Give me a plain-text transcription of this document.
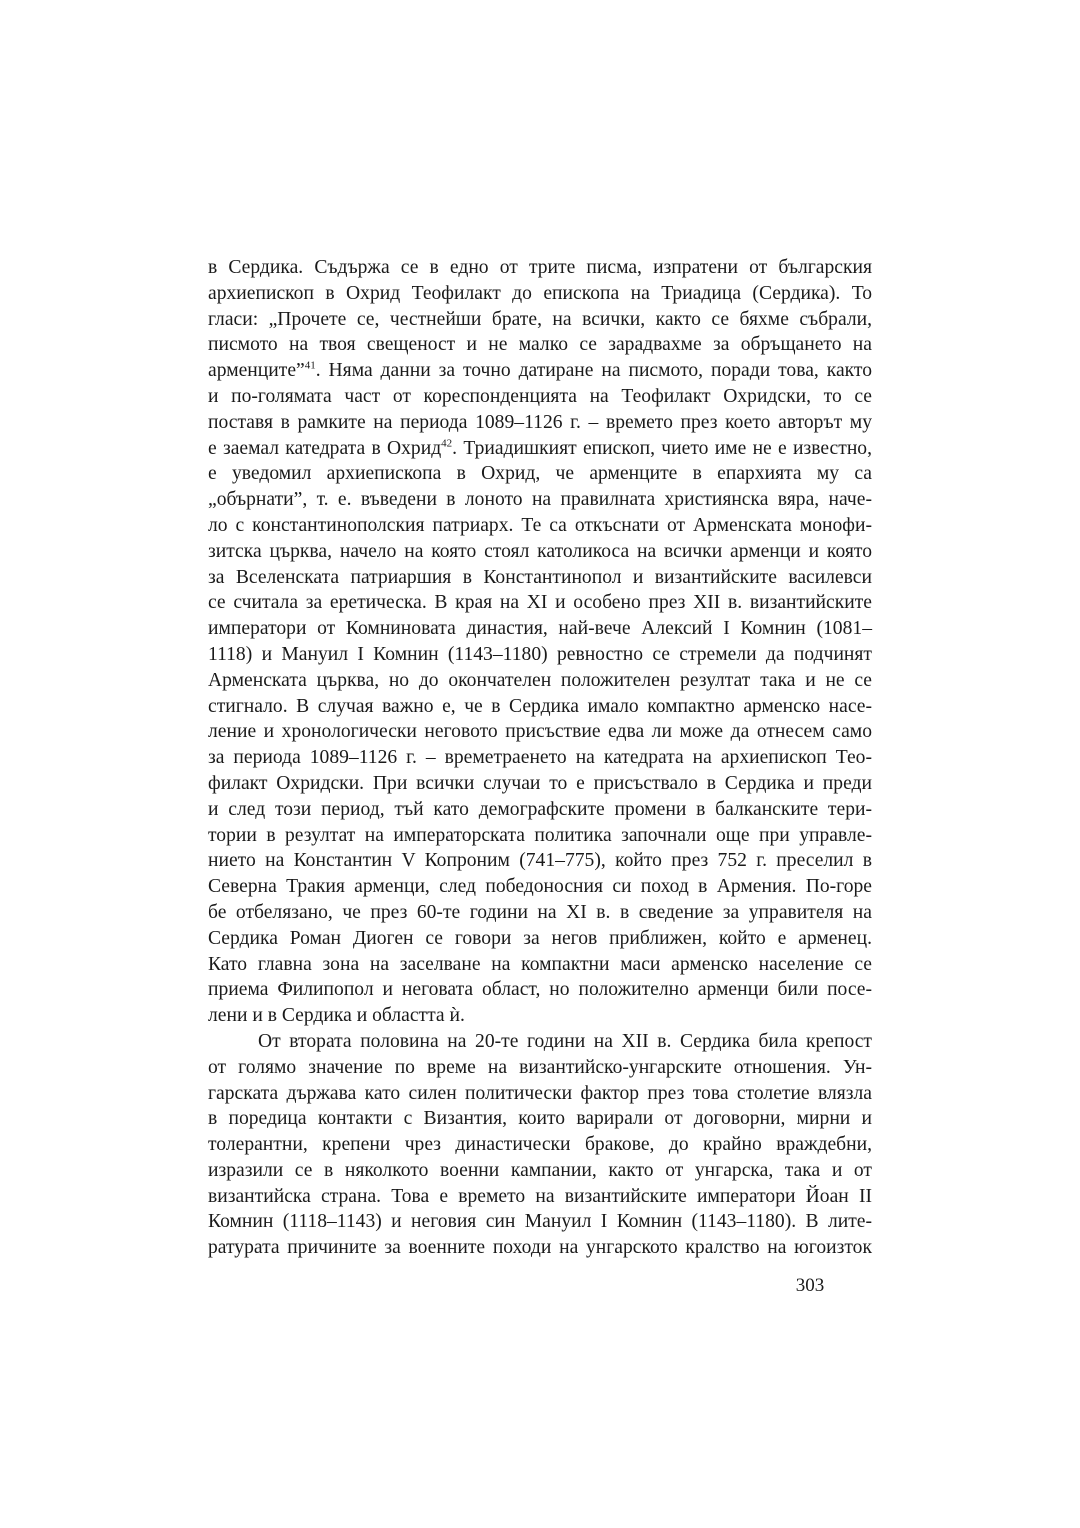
в Сердика. Съдържа се в едно от трите писма, изпратени от българския
архиепископ в Охрид Теофилакт до епископа на Триадица (Сердика). То
гласи: „Прочете се, честнейши брате, на всички, както се бяхме събрали,
писмото на твоя свещеност и не малко се зарадвахме за обръщането на
арменците”$^{41}$. Няма данни за точно датиране на писмото, поради това, както
и по-голямата част от кореспонденцията на Теофилакт Охридски, то се
поставя в рамките на периода 1089–1126 г. – времето през което авторът му
е заемал катедрата в Охрид$^{42}$. Триадишкият епископ, чието име не е известно,
е уведомил архиепископа в Охрид, че арменците в епархията му са
„обърнати”, т. е. въведени в лоното на правилната християнска вяра, наче-
ло с константинополския патриарх. Те са откъснати от Арменската монофи-
зитска църква, начело на която стоял католикоса на всички арменци и която
за Вселенската патриаршия в Константинопол и византийските василевси
се считала за еретическа. В края на XI и особено през XII в. византийските
императори от Комниновата династия, най-вече Алексий I Комнин (1081–
1118) и Мануил I Комнин (1143–1180) ревностно се стремели да подчинят
Арменската църква, но до окончателен положителен резултат така и не се
стигнало. В случая важно е, че в Сердика имало компактно арменско насе-
ление и хронологически неговото присъствие едва ли може да отнесем само
за периода 1089–1126 г. – времетраенето на катедрата на архиепископ Тео-
филакт Охридски. При всички случаи то е присъствало в Сердика и преди
и след този период, тъй като демографските промени в балканските тери-
тории в резултат на императорската политика започнали още при управле-
нието на Константин V Копроним (741–775), който през 752 г. преселил в
Северна Тракия арменци, след победоносния си поход в Армения. По-горе
бе отбелязано, че през 60-те години на XI в. в сведение за управителя на
Сердика Роман Диоген се говори за негов приближен, който е арменец.
Като главна зона на заселване на компактни маси арменско население се
приема Филипопол и неговата област, но положително арменци били посе-
лени и в Сердика и областта ѝ.
От втората половина на 20-те години на XII в. Сердика била крепост
от голямо значение по време на византийско-унгарските отношения. Ун-
гарската държава като силен политически фактор през това столетие влязла
в поредица контакти с Византия, които варирали от договорни, мирни и
толерантни, крепени чрез династически бракове, до крайно враждебни,
изразили се в няколкото военни кампании, както от унгарска, така и от
византийска страна. Това е времето на византийските императори Йоан II
Комнин (1118–1143) и неговия син Мануил I Комнин (1143–1180). В лите-
ратурата причините за военните походи на унгарското кралство на югоизток
303
